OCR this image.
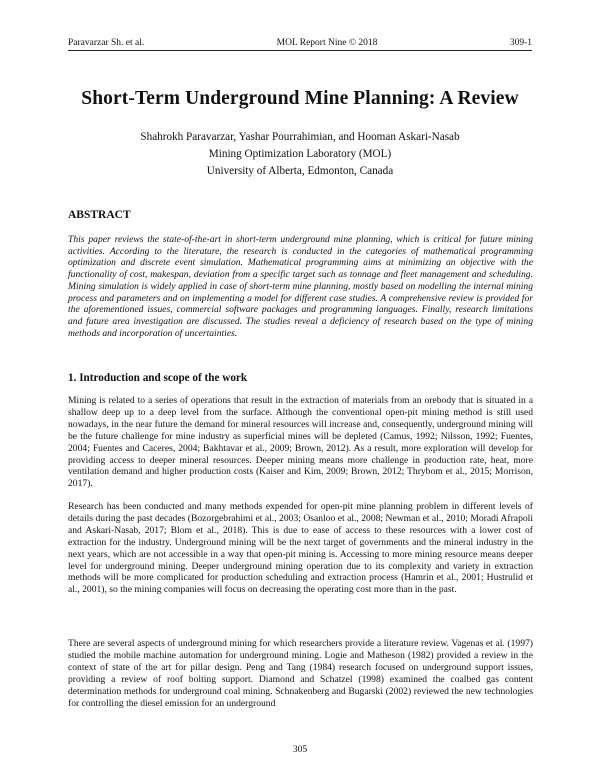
Paravarzar Sh. et al.	MOL Report Nine © 2018	309-1
Short-Term Underground Mine Planning: A Review
Shahrokh Paravarzar, Yashar Pourrahimian, and Hooman Askari-Nasab
Mining Optimization Laboratory (MOL)
University of Alberta, Edmonton, Canada
ABSTRACT

This paper reviews the state-of-the-art in short-term underground mine planning, which is critical for future mining activities. According to the literature, the research is conducted in the categories of mathematical programming optimization and discrete event simulation. Mathematical programming aims at minimizing an objective with the functionality of cost, makespan, deviation from a specific target such as tonnage and fleet management and scheduling. Mining simulation is widely applied in case of short-term mine planning, mostly based on modelling the internal mining process and parameters and on implementing a model for different case studies. A comprehensive review is provided for the aforementioned issues, commercial software packages and programming languages. Finally, research limitations and future area investigation are discussed. The studies reveal a deficiency of research based on the type of mining methods and incorporation of uncertainties.

1. Introduction and scope of the work

Mining is related to a series of operations that result in the extraction of materials from an orebody that is situated in a shallow deep up to a deep level from the surface. Although the conventional open-pit mining method is still used nowadays, in the near future the demand for mineral resources will increase and, consequently, underground mining will be the future challenge for mine industry as superficial mines will be depleted (Camus, 1992; Nilsson, 1992; Fuentes, 2004; Fuentes and Caceres, 2004; Bakhtavar et al., 2009; Brown, 2012). As a result, more exploration will develop for providing access to deeper mineral resources. Deeper mining means more challenge in production rate, heat, more ventilation demand and higher production costs (Kaiser and Kim, 2009; Brown, 2012; Thrybom et al., 2015; Morrison, 2017).

Research has been conducted and many methods expended for open-pit mine planning problem in different levels of details during the past decades (Bozorgebrahimi et al., 2003; Osanloo et al., 2008; Newman et al., 2010; Moradi Afrapoli and Askari-Nasab, 2017; Blom et al., 2018). This is due to ease of access to these resources with a lower cost of extraction for the industry. Underground mining will be the next target of governments and the mineral industry in the next years, which are not accessible in a way that open-pit mining is. Accessing to more mining resource means deeper level for underground mining. Deeper underground mining operation due to its complexity and variety in extraction methods will be more complicated for production scheduling and extraction process (Hamrin et al., 2001; Hustrulid et al., 2001), so the mining companies will focus on decreasing the operating cost more than in the past.

There are several aspects of underground mining for which researchers provide a literature review. Vagenas et al. (1997) studied the mobile machine automation for underground mining. Logie and Matheson (1982) provided a review in the context of state of the art for pillar design. Peng and Tang (1984) research focused on underground support issues, providing a review of roof bolting support. Diamond and Schatzel (1998) examined the coalbed gas content determination methods for underground coal mining. Schnakenberg and Bugarski (2002) reviewed the new technologies for controlling the diesel emission for an underground

305
